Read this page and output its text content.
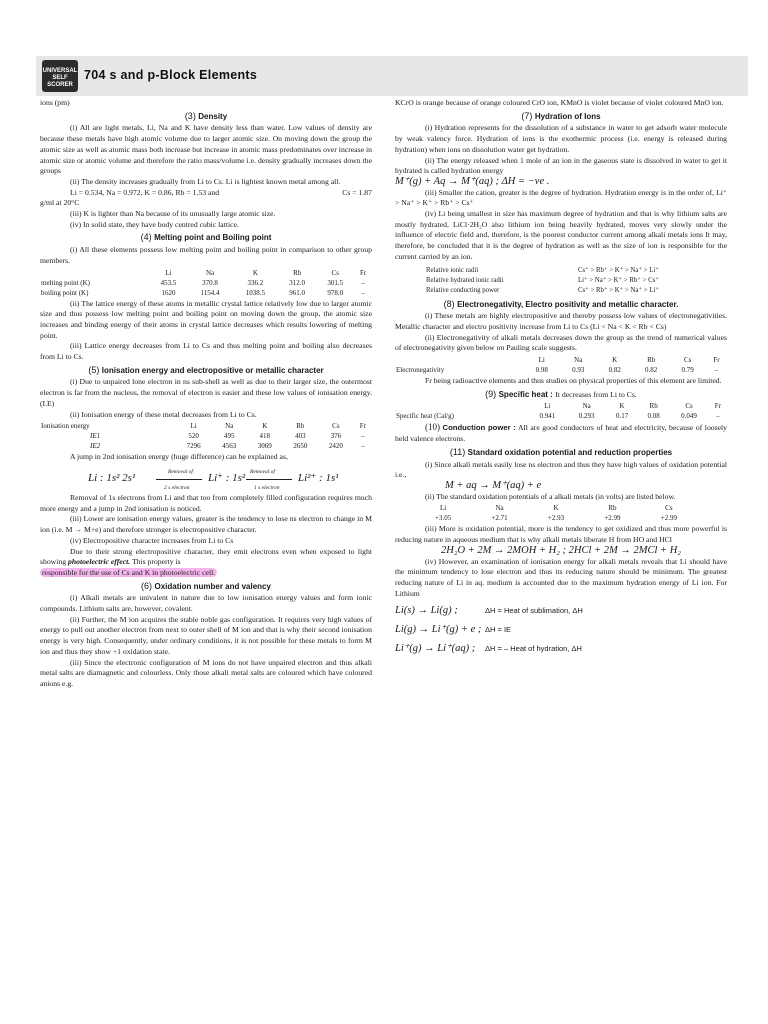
UNIVERSAL
SELF SCORER
704 s and p-Block Elements

ions (pm)

(3) Density

(i) All are light metals, Li, Na and K have density less than water. Low values of density are because these metals have high atomic volume due to larger atomic size. On moving down the group the atomic size as well as atomic mass both increase but increase in atomic mass predominates over increase in atomic size or atomic volume and therefore the ratio mass/volume i.e. density gradually increases down the groups

(ii) The density increases gradually from Li to Cs. Li is lightest known metal among all.

Li = 0.534, Na = 0.972, K = 0.86, Rb = 1.53 and	Cs = 1.87

g/ml at 20°C

(iii) K is lighter than Na because of its unusually large atomic size.

(iv) In solid state, they have body centred cubic lattice.

(4) Melting point and Boiling point

(i) All these elements possess low melting point and boiling point in comparison to other group members.

	Li	Na	K	Rb	Cs	Fr
melting point (K)	453.5	370.8	336.2	312.0	301.5	–
boiling point (K)	1620	1154.4	1038.5	961.0	978.0	–

(ii) The lattice energy of these atoms in metallic crystal lattice relatively low due to larger atomic size and thus possess low melting point and boiling point on moving down the group, the atomic size increases and binding energy of their atoms in crystal lattice decreases which results lowering of melting point.

(iii) Lattice energy decreases from Li to Cs and thus melting point and boiling also decreases from Li to Cs.

(5) Ionisation energy and electropositive or metallic character

(i) Due to unpaired lone electron in ns sub-shell as well as due to their larger size, the outermost electron is far from the nucleus, the removal of electron is easier and these low values of ionisation energy. (I.E)

(ii) Ionisation energy of these metal decreases from Li to Cs.

Ionisation energy	Li	Na	K	Rb	Cs	Fr
IE1	520	495	418	403	376	–
IE2	7296	4563	3069	2650	2420	–

A jump in 2nd ionisation energy (huge difference) can be explained as,

Removal of	Removal of
Li : 1s² 2s¹	Li⁺ : 1s²	Li²⁺ : 1s¹
2 s electron	1 s electron

Removal of 1s electrons from Li and that too from completely filled configuration requires much more energy and a jump in 2nd ionisation is noticed.

(iii) Lower are ionisation energy values, greater is the tendency to lose ns electron to change in M ion (i.e. M → M+e) and therefore stronger is electropositive character.

(iv) Electropositive character increases from Li to Cs

Due to their strong electropositive character, they emit electrons even when exposed to light showing photoelectric effect. This property is

responsible for the use of Cs and K in photoelectric cell.

(6) Oxidation number and valency

(i) Alkali metals are univalent in nature due to low ionisation energy values and form ionic compounds. Lithium salts are, however, covalent.

(ii) Further, the M ion acquires the stable noble gas configuration. It requires very high values of energy to pull out another electron from next to outer shell of M ion and that is why their second ionisation energy is very high. Consequently, under ordinary conditions, it is not possible for these metals to form M ion and thus they show +1 oxidation state.

(iii) Since the electronic configuration of M ions do not have unpaired electron and thus alkali metal salts are diamagnetic and colourless. Only those alkali metal salts are coloured which have coloured anions e.g.

KCrO is orange because of orange coloured CrO ion, KMnO is violet because of violet coloured MnO ion.

(7) Hydration of Ions

(i) Hydration represents for the dissolution of a substance in water to get adsorb water molecule by weak valency force. Hydration of ions is the exothermic process (i.e. energy is released during hydration) when ions on dissolution water get hydration.

(ii) The energy released when 1 mole of an ion in the gaseous state is dissolved in water to get it hydrated is called hydration energy

M⁺(g) + Aq → M⁺(aq) ; ΔH = −ve .

(iii) Smaller the cation, greater is the degree of hydration. Hydration energy is in the order of, Li⁺ > Na⁺ > K⁺ > Rb⁺ > Cs⁺

(iv) Li being smallest in size has maximum degree of hydration and that is why lithium salts are mostly hydrated, LiCl·2H₂O also lithium ion being heavily hydrated, moves very slowly under the influence of electric field and, therefore, is the poorest conductor current among alkali metals ions It may, therefore, be concluded that it is the degree of hydration as well as the size of ion is responsible for the current carried by an ion.

Relative ionic radii	Cs⁺ > Rb⁺ > K⁺ > Na⁺ > Li⁺
Relative hydrated ionic radii	Li⁺ > Na⁺ > K⁺ > Rb⁺ > Cs⁺
Relative conducting power	Cs⁺ > Rb⁺ > K⁺ > Na⁺ > Li⁺
(8) Electronegativity, Electro positivity and metallic character.

(i) These metals are highly electropositive and thereby possess low values of electronegativities. Metallic character and electro positivity increase from Li to Cs (Li < Na < K < Rb < Cs)

(ii) Electronegativity of alkali metals decreases down the group as the trend of numerical values of electronegativity given below on Pauling scale suggests.

	Li	Na	K	Rb	Cs	Fr
Electronegativity	0.98	0.93	0.82	0.82	0.79	–

Fr being radioactive elements and thus studies on physical properties of this element are limited.

(9) Specific heat : It decreases from Li to Cs.
	Li	Na	K	Rb	Cs	Fr
Specific heat (Cal/g)	0.941	0.293	0.17	0.08	0.049	–

(10) Conduction power : All are good conductors of heat and electricity, because of loosely held valence electrons.

(11) Standard oxidation potential and reduction properties

(i) Since alkali metals easily lose ns electron and thus they have high values of oxidation potential i.e.,

M + aq → M⁺(aq) + e

(ii) The standard oxidation potentials of a alkali metals (in volts) are listed below.

Li	Na	K	Rb	Cs
+3.05	+2.71	+2.93	+2.99	+2.99

(iii) More is oxidation potential, more is the tendency to get oxidized and thus more powerful is reducing nature in aqueous medium that is why alkali metals liberate H from HO and HCl

2H₂O + 2M → 2MOH + H₂ ; 2HCl + 2M → 2MCl + H₂

(iv) However, an examination of ionisation energy for alkali metals reveals that Li should have the minimum tendency to lose electron and thus its reducing nature should be minimum. The greatest reducing nature of Li in aq. medium is accounted due to the maximum hydration energy of Li ion. For Lithium

Li(s) → Li(g) ;	ΔH = Heat of sublimation, ΔH
Li(g) → Li⁺(g) + e ; ΔH = IE
Li⁺(g) → Li⁺(aq) ;	ΔH = – Heat of hydration, ΔH
